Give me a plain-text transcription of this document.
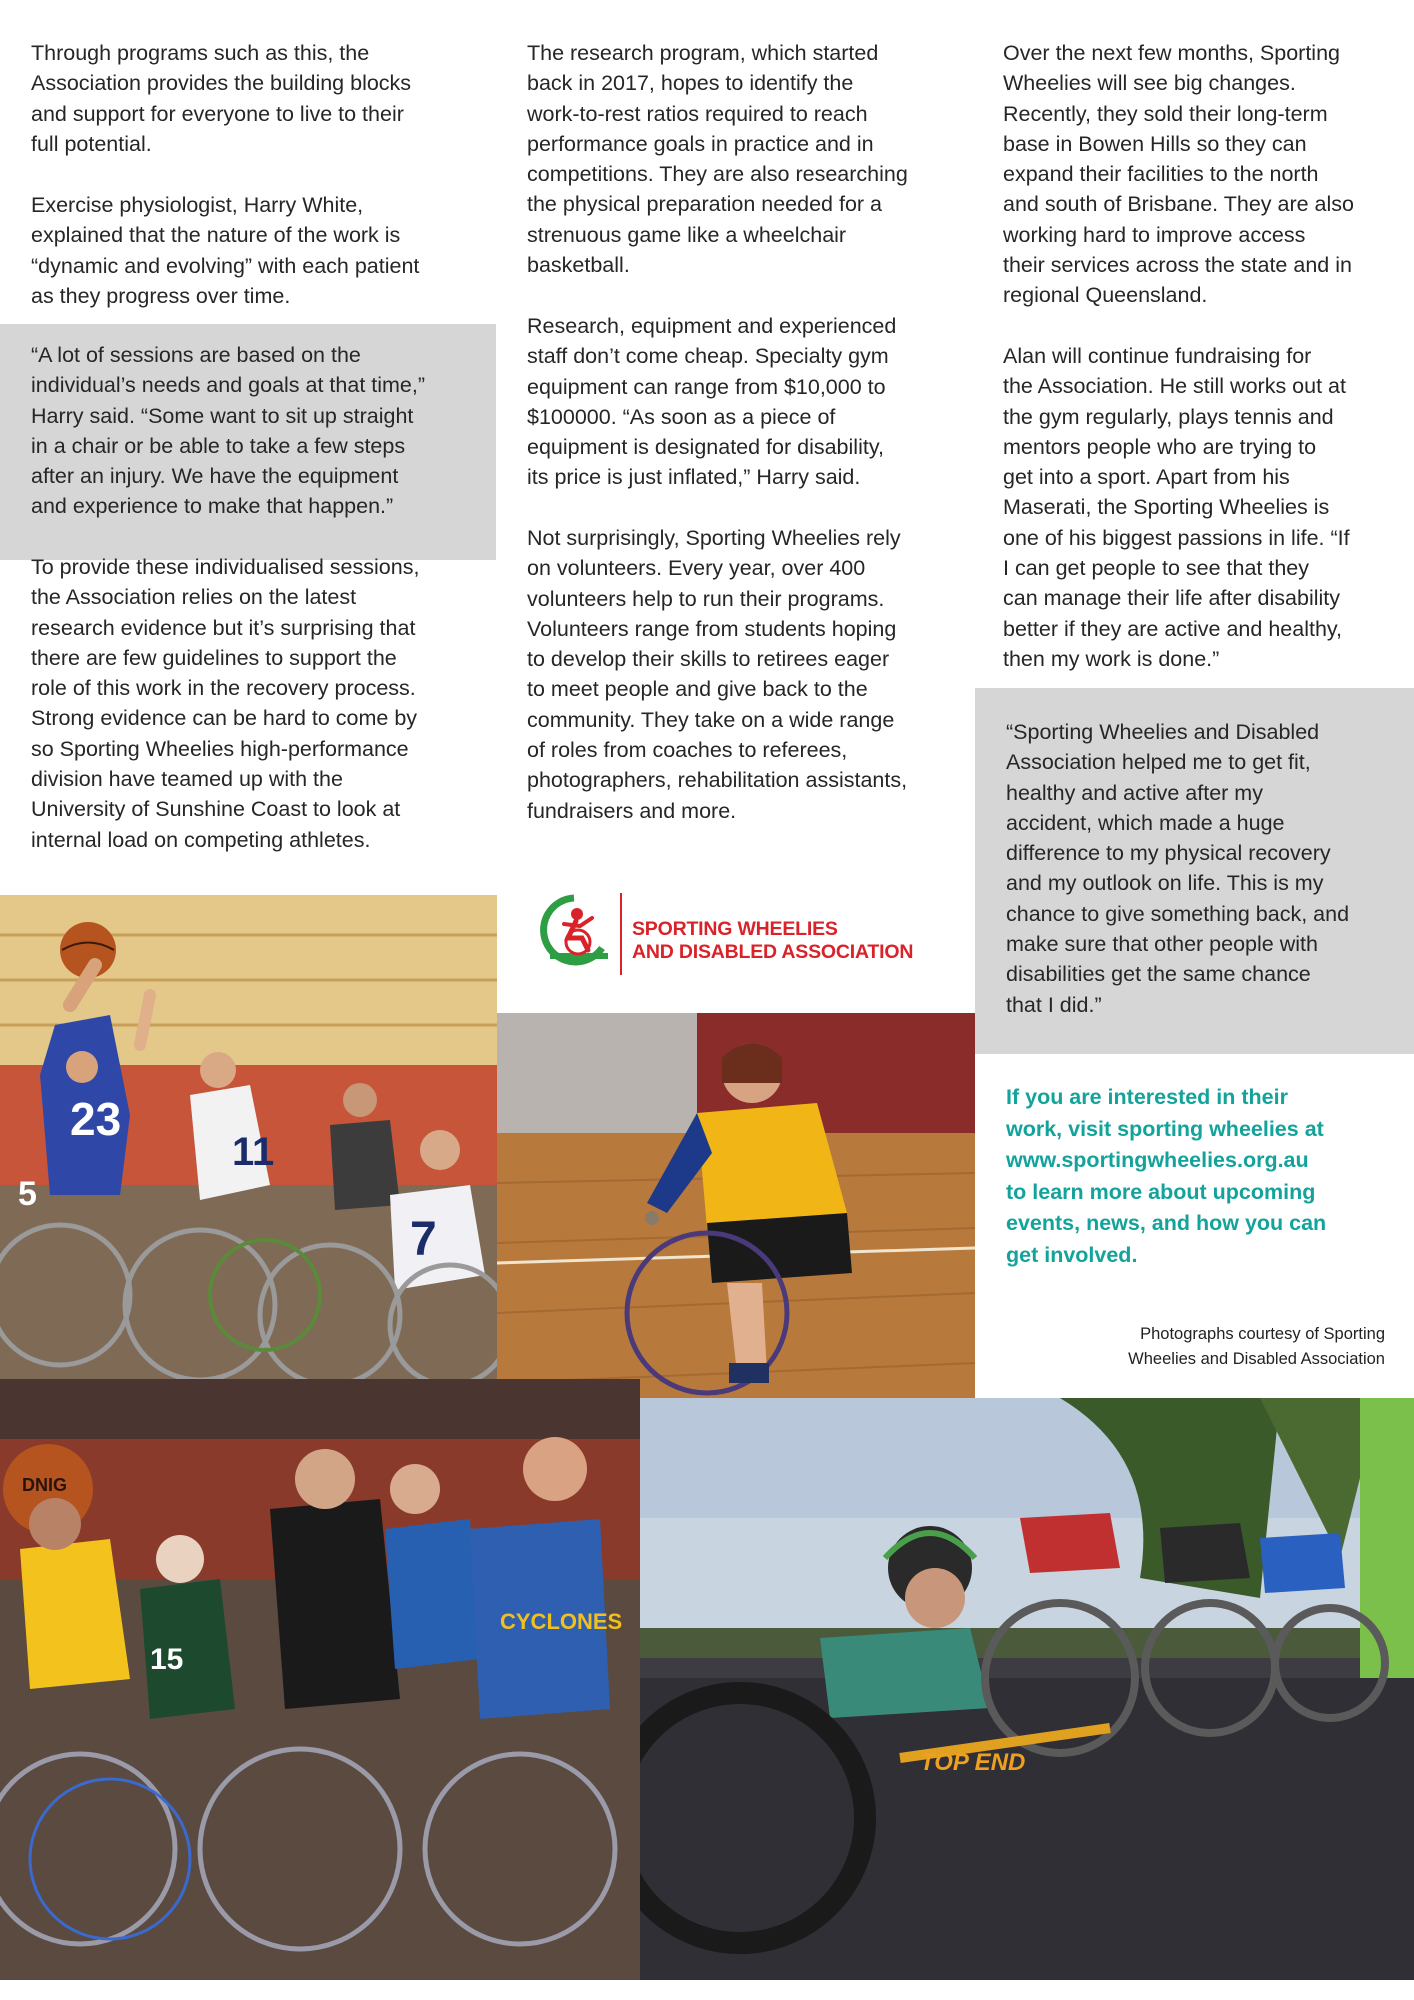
Through programs such as this, the
Association provides the building blocks
and support for everyone to live to their
full potential.

Exercise physiologist, Harry White,
explained that the nature of the work is
“dynamic and evolving” with each patient
as they progress over time.

“A lot of sessions are based on the
individual’s needs and goals at that time,”
Harry said. “Some want to sit up straight
in a chair or be able to take a few steps
after an injury. We have the equipment
and experience to make that happen.”

To provide these individualised sessions,
the Association relies on the latest
research evidence but it’s surprising that
there are few guidelines to support the
role of this work in the recovery process.
Strong evidence can be hard to come by
so Sporting Wheelies high-performance
division have teamed up with the
University of Sunshine Coast to look at
internal load on competing athletes.

The research program, which started
back in 2017, hopes to identify the
work-to-rest ratios required to reach
performance goals in practice and in
competitions. They are also researching
the physical preparation needed for a
strenuous game like a wheelchair
basketball.

Research, equipment and experienced
staff don’t come cheap. Specialty gym
equipment can range from $10,000 to
$100000. “As soon as a piece of
equipment is designated for disability,
its price is just inflated,” Harry said.

Not surprisingly, Sporting Wheelies rely
on volunteers. Every year, over 400
volunteers help to run their programs.
Volunteers range from students hoping
to develop their skills to retirees eager
to meet people and give back to the
community. They take on a wide range
of roles from coaches to referees,
photographers, rehabilitation assistants,
fundraisers and more.

Over the next few months, Sporting
Wheelies will see big changes.
Recently, they sold their long-term
base in Bowen Hills so they can
expand their facilities to the north
and south of Brisbane. They are also
working hard to improve access
their services across the state and in
regional Queensland.

Alan will continue fundraising for
the Association. He still works out at
the gym regularly, plays tennis and
mentors people who are trying to
get into a sport. Apart from his
Maserati, the Sporting Wheelies is
one of his biggest passions in life. “If
I can get people to see that they
can manage their life after disability
better if they are active and healthy,
then my work is done.”

“Sporting Wheelies and Disabled
Association helped me to get fit,
healthy and active after my
accident, which made a huge
difference to my physical recovery
and my outlook on life. This is my
chance to give something back, and
make sure that other people with
disabilities get the same chance
that I did.”

If you are interested in their
work, visit sporting wheelies at
www.sportingwheelies.org.au
to learn more about upcoming
events, news, and how you can
get involved.

Photographs courtesy of Sporting
Wheelies and Disabled Association

SPORTING WHEELIES
AND DISABLED ASSOCIATION

23
11
7
5
DNIG
15
CYCLONES
TOP END
